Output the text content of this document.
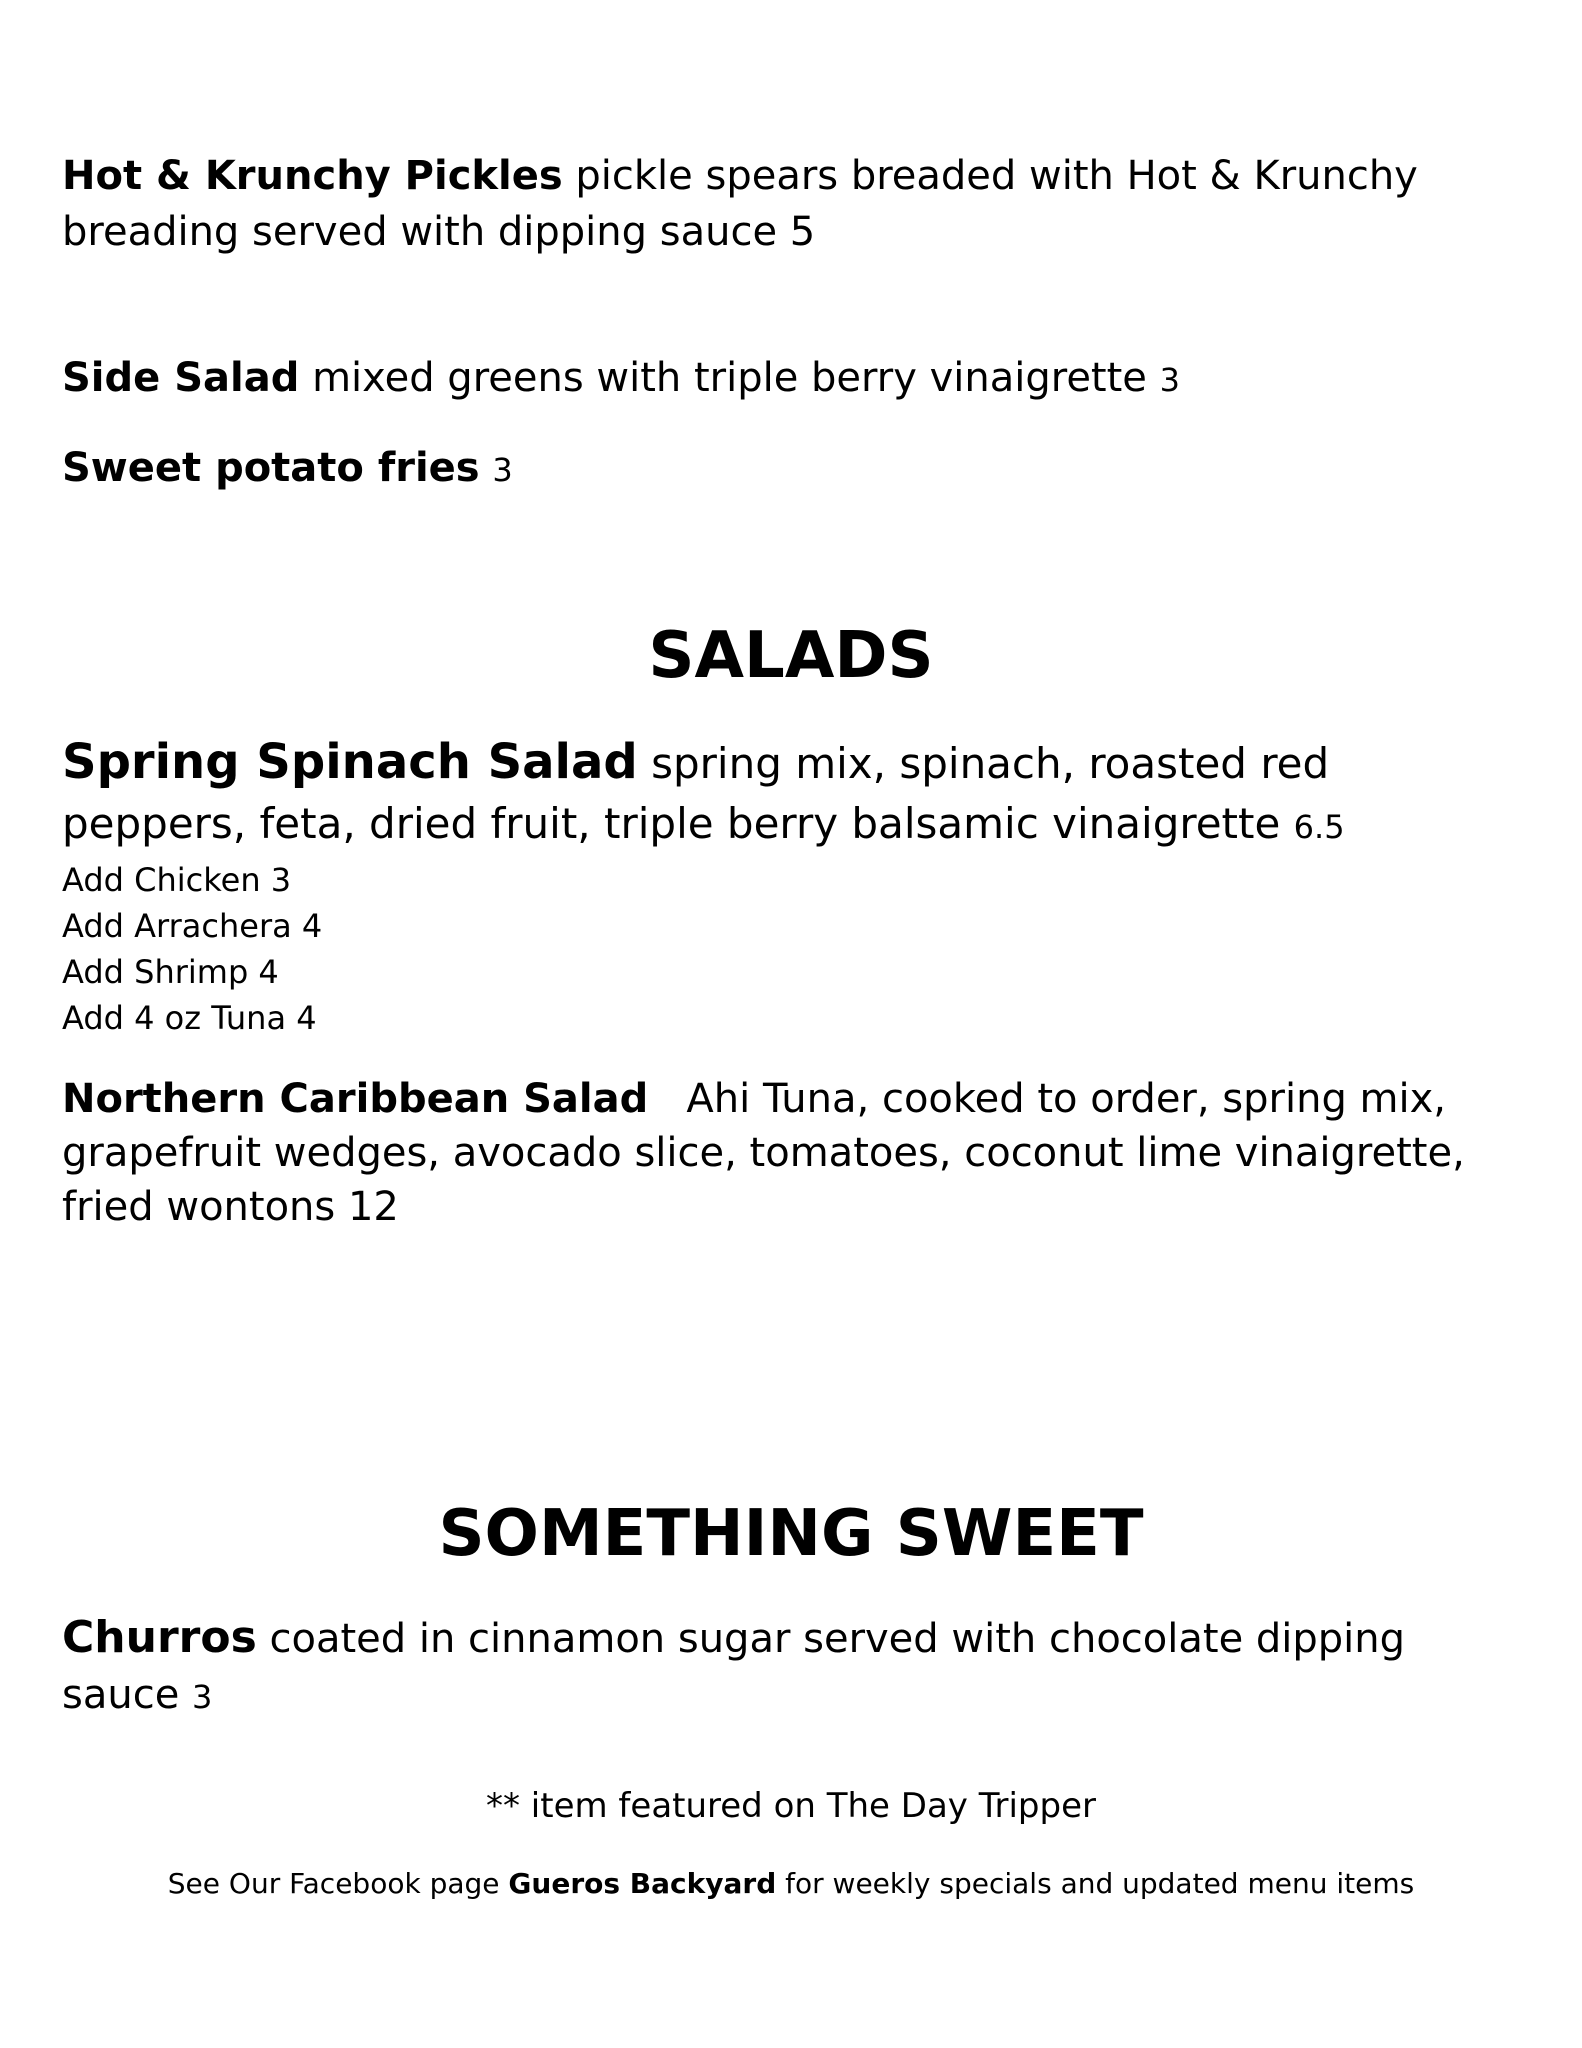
Hot & Krunchy Pickles pickle spears breaded with Hot & Krunchy breading served with dipping sauce 5
Side Salad mixed greens with triple berry vinaigrette 3
Sweet potato fries 3
SALADS
Spring Spinach Salad spring mix, spinach, roasted red peppers, feta, dried fruit, triple berry balsamic vinaigrette 6.5
Add Chicken 3
Add Arrachera 4
Add Shrimp 4
Add 4 oz Tuna 4
Northern Caribbean Salad Ahi Tuna, cooked to order, spring mix, grapefruit wedges, avocado slice, tomatoes, coconut lime vinaigrette, fried wontons 12
SOMETHING SWEET
Churros coated in cinnamon sugar served with chocolate dipping sauce 3
** item featured on The Day Tripper
See Our Facebook page Gueros Backyard for weekly specials and updated menu items
